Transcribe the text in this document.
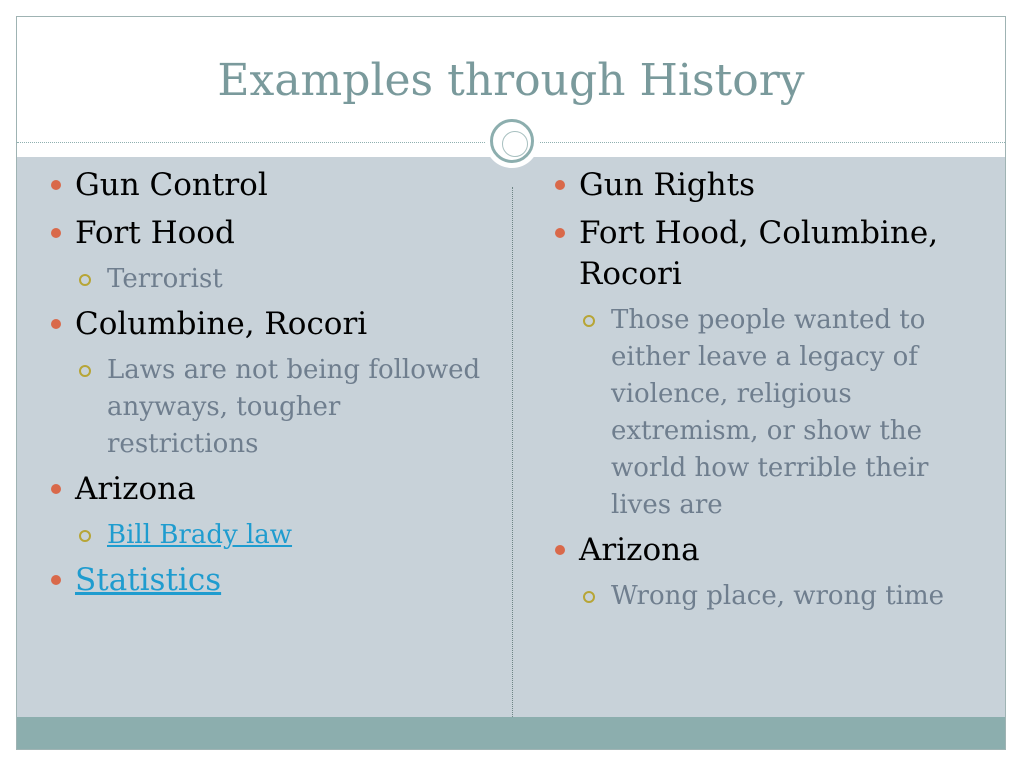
Examples through History
Gun Control
Fort Hood
Terrorist
Columbine, Rocori
Laws are not being followed anyways, tougher restrictions
Arizona
Bill Brady law
Statistics
Gun Rights
Fort Hood, Columbine, Rocori
Those people wanted to either leave a legacy of violence, religious extremism, or show the world how terrible their lives are
Arizona
Wrong place, wrong time
